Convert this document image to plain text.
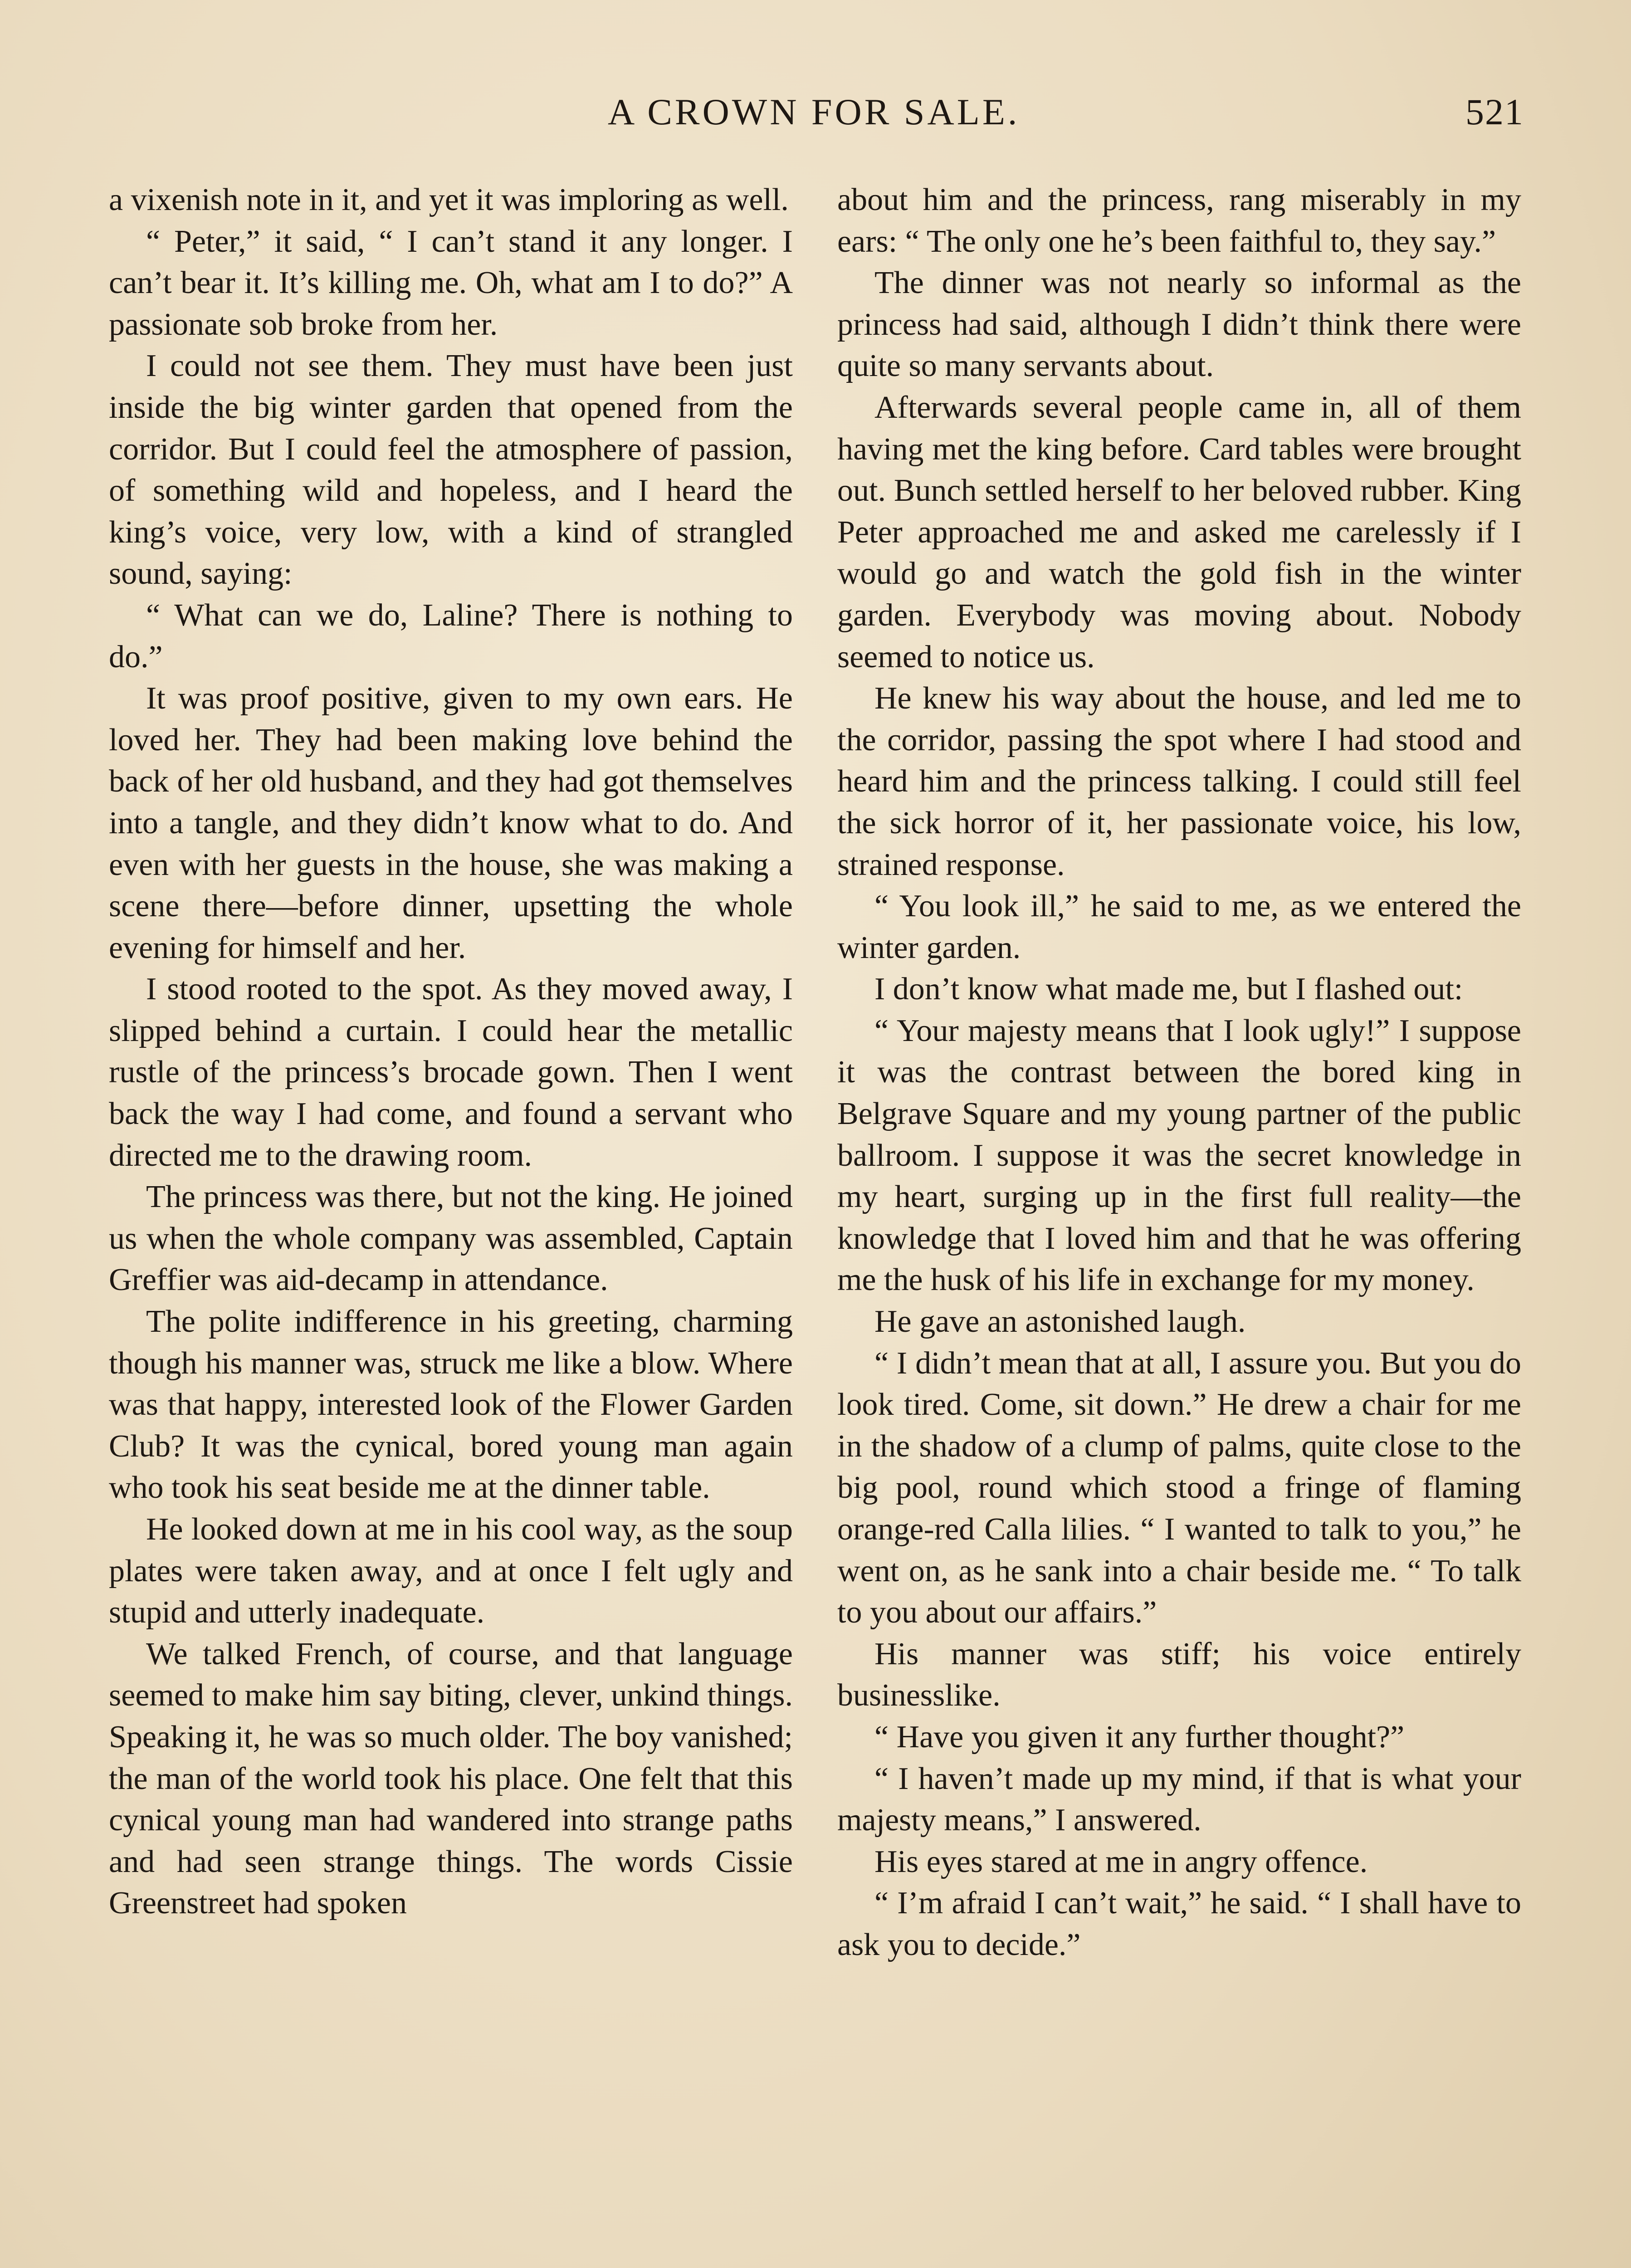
A CROWN FOR SALE.	521

a vixenish note in it, and yet it was imploring as well.

“ Peter,” it said, “ I can’t stand it any longer. I can’t bear it. It’s killing me. Oh, what am I to do?” A passionate sob broke from her.

I could not see them. They must have been just inside the big winter garden that opened from the corridor. But I could feel the atmosphere of passion, of something wild and hopeless, and I heard the king’s voice, very low, with a kind of strangled sound, saying:

“ What can we do, Laline? There is nothing to do.”

It was proof positive, given to my own ears. He loved her. They had been making love behind the back of her old husband, and they had got themselves into a tangle, and they didn’t know what to do. And even with her guests in the house, she was making a scene there—before dinner, upsetting the whole evening for himself and her.

I stood rooted to the spot. As they moved away, I slipped behind a curtain. I could hear the metallic rustle of the princess’s brocade gown. Then I went back the way I had come, and found a servant who directed me to the drawing room.

The princess was there, but not the king. He joined us when the whole company was assembled, Captain Greffier was aid-decamp in attendance.

The polite indifference in his greeting, charming though his manner was, struck me like a blow. Where was that happy, interested look of the Flower Garden Club? It was the cynical, bored young man again who took his seat beside me at the dinner table.

He looked down at me in his cool way, as the soup plates were taken away, and at once I felt ugly and stupid and utterly inadequate.

We talked French, of course, and that language seemed to make him say biting, clever, unkind things. Speaking it, he was so much older. The boy vanished; the man of the world took his place. One felt that this cynical young man had wandered into strange paths and had seen strange things. The words Cissie Greenstreet had spoken

about him and the princess, rang miserably in my ears: “ The only one he’s been faithful to, they say.”

The dinner was not nearly so informal as the princess had said, although I didn’t think there were quite so many servants about.

Afterwards several people came in, all of them having met the king before. Card tables were brought out. Bunch settled herself to her beloved rubber. King Peter approached me and asked me carelessly if I would go and watch the gold fish in the winter garden. Everybody was moving about. Nobody seemed to notice us.

He knew his way about the house, and led me to the corridor, passing the spot where I had stood and heard him and the princess talking. I could still feel the sick horror of it, her passionate voice, his low, strained response.

“ You look ill,” he said to me, as we entered the winter garden.

I don’t know what made me, but I flashed out:

“ Your majesty means that I look ugly!” I suppose it was the contrast between the bored king in Belgrave Square and my young partner of the public ballroom. I suppose it was the secret knowledge in my heart, surging up in the first full reality—the knowledge that I loved him and that he was offering me the husk of his life in exchange for my money.

He gave an astonished laugh.

“ I didn’t mean that at all, I assure you. But you do look tired. Come, sit down.” He drew a chair for me in the shadow of a clump of palms, quite close to the big pool, round which stood a fringe of flaming orange-red Calla lilies. “ I wanted to talk to you,” he went on, as he sank into a chair beside me. “ To talk to you about our affairs.”

His manner was stiff; his voice entirely businesslike.

“ Have you given it any further thought?”

“ I haven’t made up my mind, if that is what your majesty means,” I answered.

His eyes stared at me in angry offence.

“ I’m afraid I can’t wait,” he said. “ I shall have to ask you to decide.”
